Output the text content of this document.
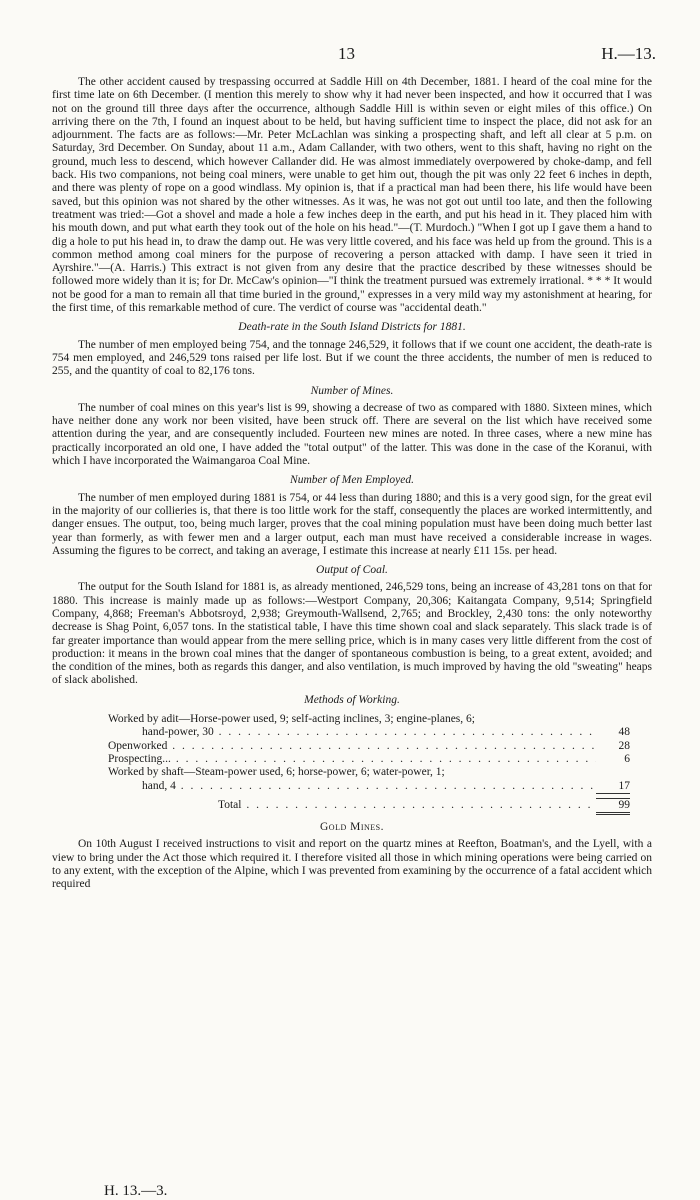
13	H.—13.

The other accident caused by trespassing occurred at Saddle Hill on 4th December, 1881. I heard of the coal mine for the first time late on 6th December. (I mention this merely to show why it had never been inspected, and how it occurred that I was not on the ground till three days after the occurrence, although Saddle Hill is within seven or eight miles of this office.) On arriving there on the 7th, I found an inquest about to be held, but having sufficient time to inspect the place, did not ask for an adjournment. The facts are as follows:—Mr. Peter McLachlan was sinking a prospecting shaft, and left all clear at 5 p.m. on Saturday, 3rd December. On Sunday, about 11 a.m., Adam Callander, with two others, went to this shaft, having no right on the ground, much less to descend, which however Callander did. He was almost immediately overpowered by choke-damp, and fell back. His two companions, not being coal miners, were unable to get him out, though the pit was only 22 feet 6 inches in depth, and there was plenty of rope on a good windlass. My opinion is, that if a practical man had been there, his life would have been saved, but this opinion was not shared by the other witnesses. As it was, he was not got out until too late, and then the following treatment was tried:—Got a shovel and made a hole a few inches deep in the earth, and put his head in it. They placed him with his mouth down, and put what earth they took out of the hole on his head."—(T. Murdoch.) "When I got up I gave them a hand to dig a hole to put his head in, to draw the damp out. He was very little covered, and his face was held up from the ground. This is a common method among coal miners for the purpose of recovering a person attacked with damp. I have seen it tried in Ayrshire."—(A. Harris.) This extract is not given from any desire that the practice described by these witnesses should be followed more widely than it is; for Dr. McCaw's opinion—"I think the treatment pursued was extremely irrational. * * * It would not be good for a man to remain all that time buried in the ground," expresses in a very mild way my astonishment at hearing, for the first time, of this remarkable method of cure. The verdict of course was "accidental death."

Death-rate in the South Island Districts for 1881.

The number of men employed being 754, and the tonnage 246,529, it follows that if we count one accident, the death-rate is 754 men employed, and 246,529 tons raised per life lost. But if we count the three accidents, the number of men is reduced to 255, and the quantity of coal to 82,176 tons.

Number of Mines.

The number of coal mines on this year's list is 99, showing a decrease of two as compared with 1880. Sixteen mines, which have neither done any work nor been visited, have been struck off. There are several on the list which have received some attention during the year, and are consequently included. Fourteen new mines are noted. In three cases, where a new mine has practically incorporated an old one, I have added the "total output" of the latter. This was done in the case of the Koranui, with which I have incorporated the Waimangaroa Coal Mine.

Number of Men Employed.

The number of men employed during 1881 is 754, or 44 less than during 1880; and this is a very good sign, for the great evil in the majority of our collieries is, that there is too little work for the staff, consequently the places are worked intermittently, and danger ensues. The output, too, being much larger, proves that the coal mining population must have been doing much better last year than formerly, as with fewer men and a larger output, each man must have received a considerable increase in wages. Assuming the figures to be correct, and taking an average, I estimate this increase at nearly £11 15s. per head.

Output of Coal.

The output for the South Island for 1881 is, as already mentioned, 246,529 tons, being an increase of 43,281 tons on that for 1880. This increase is mainly made up as follows:—Westport Company, 20,306; Kaitangata Company, 9,514; Springfield Company, 4,868; Freeman's Abbotsroyd, 2,938; Greymouth-Wallsend, 2,765; and Brockley, 2,430 tons: the only noteworthy decrease is Shag Point, 6,057 tons. In the statistical table, I have this time shown coal and slack separately. This slack trade is of far greater importance than would appear from the mere selling price, which is in many cases very little different from the cost of production: it means in the brown coal mines that the danger of spontaneous combustion is being, to a great extent, avoided; and the condition of the mines, both as regards this danger, and also ventilation, is much improved by having the old "sweating" heaps of slack abolished.

Methods of Working.
Worked by adit—Horse-power used, 9; self-acting inclines, 3; engine-planes, 6;
hand-power, 30 . . .	48
Openworked . . .	28
Prospecting... . . .	6
Worked by shaft—Steam-power used, 6; horse-power, 6; water-power, 1;
hand, 4 . . .	17
Total . . .	99
Gold Mines.

On 10th August I received instructions to visit and report on the quartz mines at Reefton, Boatman's, and the Lyell, with a view to bring under the Act those which required it. I therefore visited all those in which mining operations were being carried on to any extent, with the exception of the Alpine, which I was prevented from examining by the occurrence of a fatal accident which required

H. 13.—3.
